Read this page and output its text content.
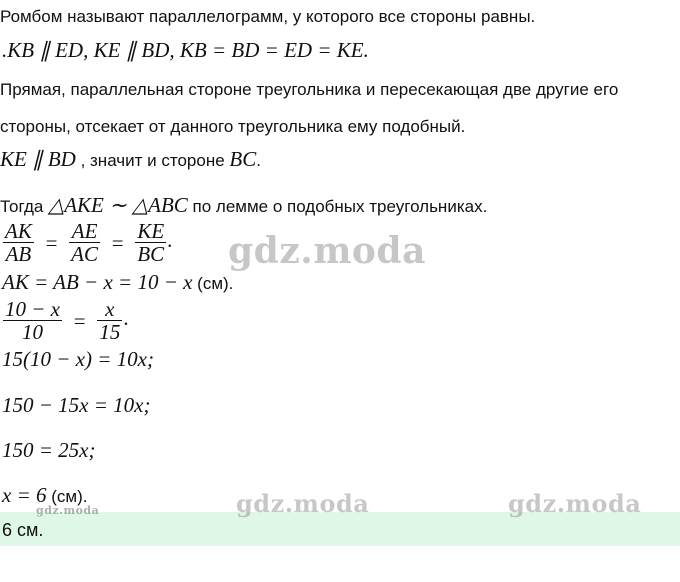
Ромбом называют параллелограмм, у которого все стороны равны.
.KB ∥ ED, KE ∥ BD, KB = BD = ED = KE.
Прямая, параллельная стороне треугольника и пересекающая две другие его
стороны, отсекает от данного треугольника ему подобный.
KE ∥ BD , значит и стороне BC.
Тогда △AKE ∼ △ABC по лемме о подобных треугольниках.
$\frac{AK}{AB} = \frac{AE}{AC} = \frac{KE}{BC}$ .
AK = AB − x = 10 − x (см).
$\frac{10 - x}{10} = \frac{x}{15}$ .
15(10 − x) = 10x;
150 − 15x = 10x;
150 = 25x;
x = 6 (см).
6 см.
gdz.moda
gdz.moda	gdz.moda
gdz.moda
